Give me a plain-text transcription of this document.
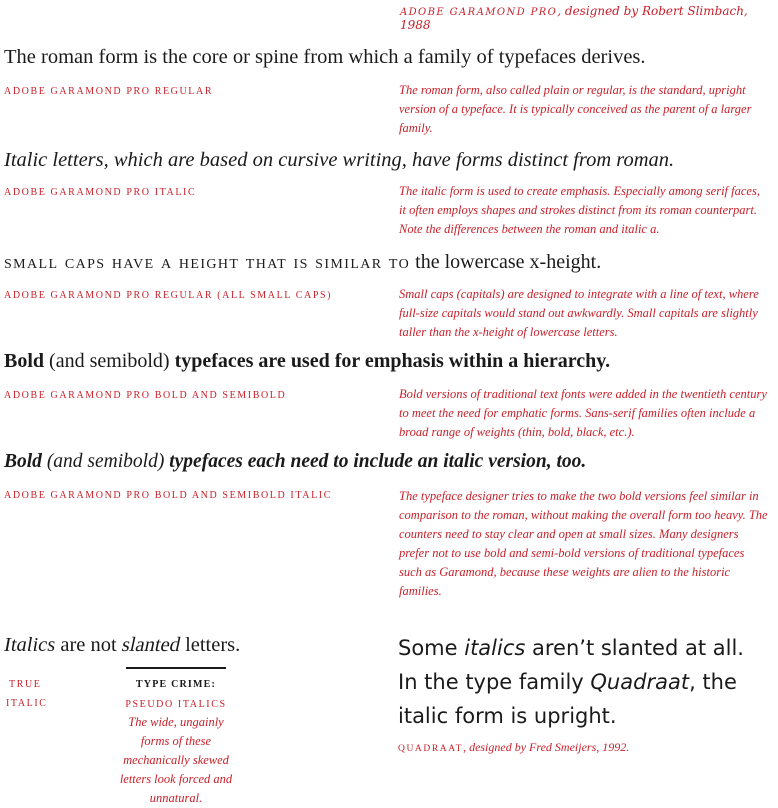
ADOBE GARAMOND PRO, designed by Robert Slimbach, 1988
The roman form is the core or spine from which a family of typefaces derives.
ADOBE GARAMOND PRO REGULAR	The roman form, also called plain or regular, is the standard, upright version of a typeface. It is typically conceived as the parent of a larger family.
Italic letters, which are based on cursive writing, have forms distinct from roman.
ADOBE GARAMOND PRO ITALIC	The italic form is used to create emphasis. Especially among serif faces, it often employs shapes and strokes distinct from its roman counterpart. Note the differences between the roman and italic a.
small caps have a height that is similar to the lowercase x-height.
ADOBE GARAMOND PRO REGULAR (ALL SMALL CAPS)	Small caps (capitals) are designed to integrate with a line of text, where full-size capitals would stand out awkwardly. Small capitals are slightly taller than the x-height of lowercase letters.
Bold (and semibold) typefaces are used for emphasis within a hierarchy.
ADOBE GARAMOND PRO BOLD AND SEMIBOLD	Bold versions of traditional text fonts were added in the twentieth century to meet the need for emphatic forms. Sans-serif families often include a broad range of weights (thin, bold, black, etc.).
Bold (and semibold) typefaces each need to include an italic version, too.
ADOBE GARAMOND PRO BOLD AND SEMIBOLD ITALIC	The typeface designer tries to make the two bold versions feel similar in comparison to the roman, without making the overall form too heavy. The counters need to stay clear and open at small sizes. Many designers prefer not to use bold and semi-bold versions of traditional typefaces such as Garamond, because these weights are alien to the historic families.
Italics are not slanted letters.
TRUE
ITALIC
TYPE CRIME:
PSEUDO ITALICS
The wide, ungainly forms of these mechanically skewed letters look forced and unnatural.
Some italics aren’t slanted at all.
In the type family Quadraat, the
italic form is upright.
QUADRAAT, designed by Fred Smeijers, 1992.
